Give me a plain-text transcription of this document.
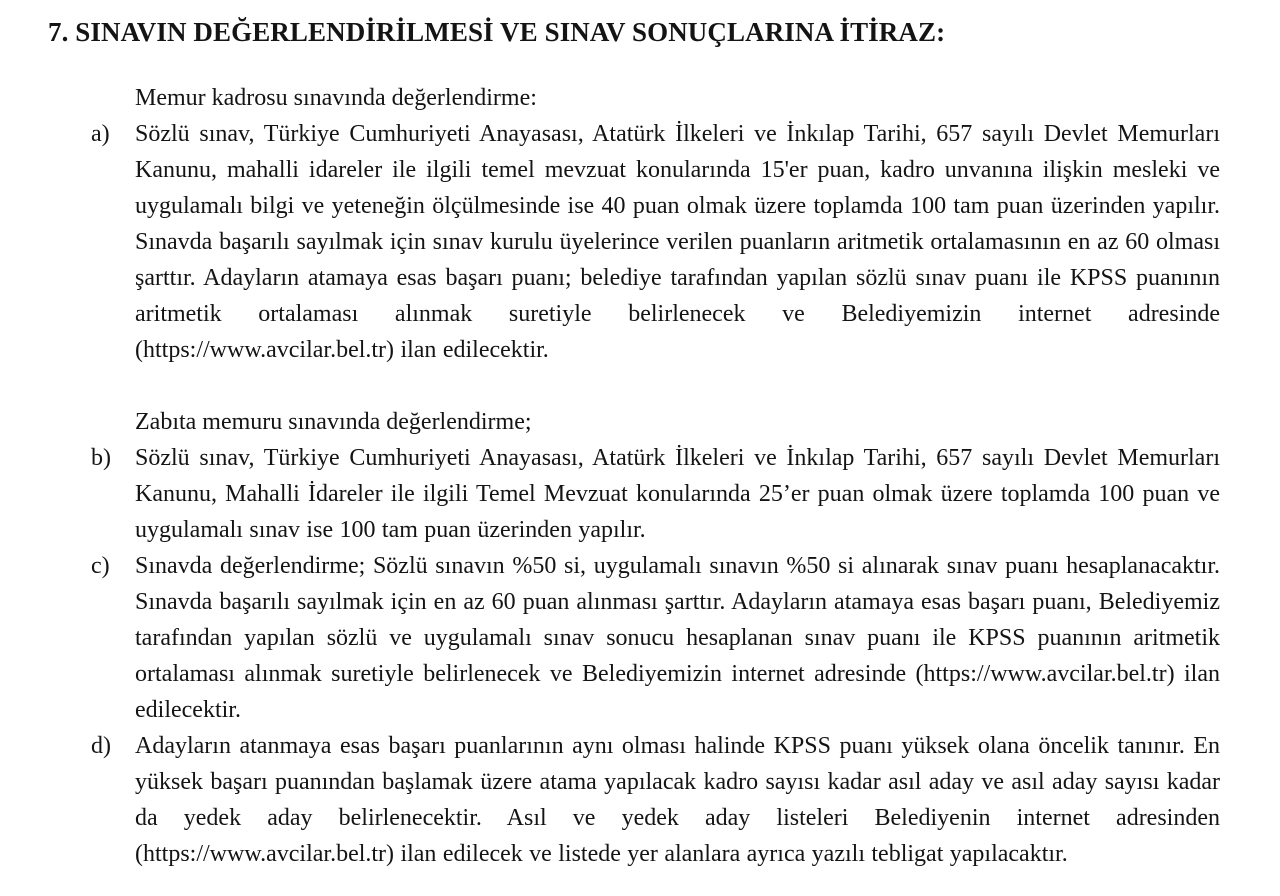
7. SINAVIN DEĞERLENDİRİLMESİ VE SINAV SONUÇLARINA İTİRAZ:

Memur kadrosu sınavında değerlendirme:

a) Sözlü sınav, Türkiye Cumhuriyeti Anayasası, Atatürk İlkeleri ve İnkılap Tarihi, 657 sayılı Devlet Memurları Kanunu, mahalli idareler ile ilgili temel mevzuat konularında 15'er puan, kadro unvanına ilişkin mesleki ve uygulamalı bilgi ve yeteneğin ölçülmesinde ise 40 puan olmak üzere toplamda 100 tam puan üzerinden yapılır. Sınavda başarılı sayılmak için sınav kurulu üyelerince verilen puanların aritmetik ortalamasının en az 60 olması şarttır. Adayların atamaya esas başarı puanı; belediye tarafından yapılan sözlü sınav puanı ile KPSS puanının aritmetik ortalaması alınmak suretiyle belirlenecek ve Belediyemizin internet adresinde (https://www.avcilar.bel.tr) ilan edilecektir.

Zabıta memuru sınavında değerlendirme;

b) Sözlü sınav, Türkiye Cumhuriyeti Anayasası, Atatürk İlkeleri ve İnkılap Tarihi, 657 sayılı Devlet Memurları Kanunu, Mahalli İdareler ile ilgili Temel Mevzuat konularında 25’er puan olmak üzere toplamda 100 puan ve uygulamalı sınav ise 100 tam puan üzerinden yapılır.
c) Sınavda değerlendirme; Sözlü sınavın %50 si, uygulamalı sınavın %50 si alınarak sınav puanı hesaplanacaktır. Sınavda başarılı sayılmak için en az 60 puan alınması şarttır. Adayların atamaya esas başarı puanı, Belediyemiz tarafından yapılan sözlü ve uygulamalı sınav sonucu hesaplanan sınav puanı ile KPSS puanının aritmetik ortalaması alınmak suretiyle belirlenecek ve Belediyemizin internet adresinde (https://www.avcilar.bel.tr) ilan edilecektir.
d) Adayların atanmaya esas başarı puanlarının aynı olması halinde KPSS puanı yüksek olana öncelik tanınır. En yüksek başarı puanından başlamak üzere atama yapılacak kadro sayısı kadar asıl aday ve asıl aday sayısı kadar da yedek aday belirlenecektir. Asıl ve yedek aday listeleri Belediyenin internet adresinden (https://www.avcilar.bel.tr) ilan edilecek ve listede yer alanlara ayrıca yazılı tebligat yapılacaktır.
